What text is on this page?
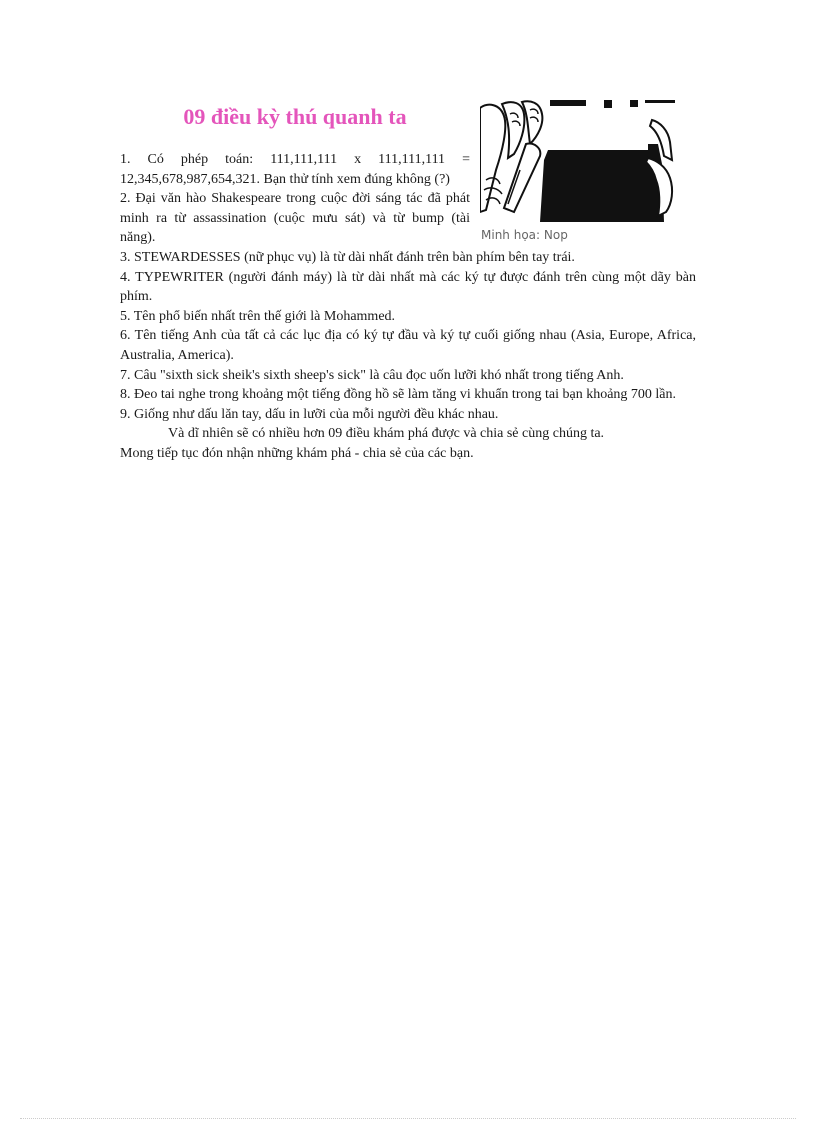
09 điều kỳ thú quanh ta
Minh họa: Nop

1. Có phép toán: 111,111,111 x 111,111,111 = 12,345,678,987,654,321. Bạn thử tính xem đúng không (?)

2. Đại văn hào Shakespeare trong cuộc đời sáng tác đã phát minh ra từ assassination (cuộc mưu sát) và từ bump (tài năng).

3. STEWARDESSES (nữ phục vụ) là từ dài nhất đánh trên bàn phím bên tay trái.

4. TYPEWRITER (người đánh máy) là từ dài nhất mà các ký tự được đánh trên cùng một dãy bàn phím.

5. Tên phổ biến nhất trên thế giới là Mohammed.

6. Tên tiếng Anh của tất cả các lục địa có ký tự đầu và ký tự cuối giống nhau (Asia, Europe, Africa, Australia, America).

7. Câu "sixth sick sheik's sixth sheep's sick" là câu đọc uốn lưỡi khó nhất trong tiếng Anh.

8. Đeo tai nghe trong khoảng một tiếng đồng hồ sẽ làm tăng vi khuẩn trong tai bạn khoảng 700 lần.

9. Giống như dấu lăn tay, dấu in lưỡi của mỗi người đều khác nhau.

Và dĩ nhiên sẽ có nhiều hơn 09 điều khám phá được và chia sẻ cùng chúng ta.

Mong tiếp tục đón nhận những khám phá - chia sẻ của các bạn.
